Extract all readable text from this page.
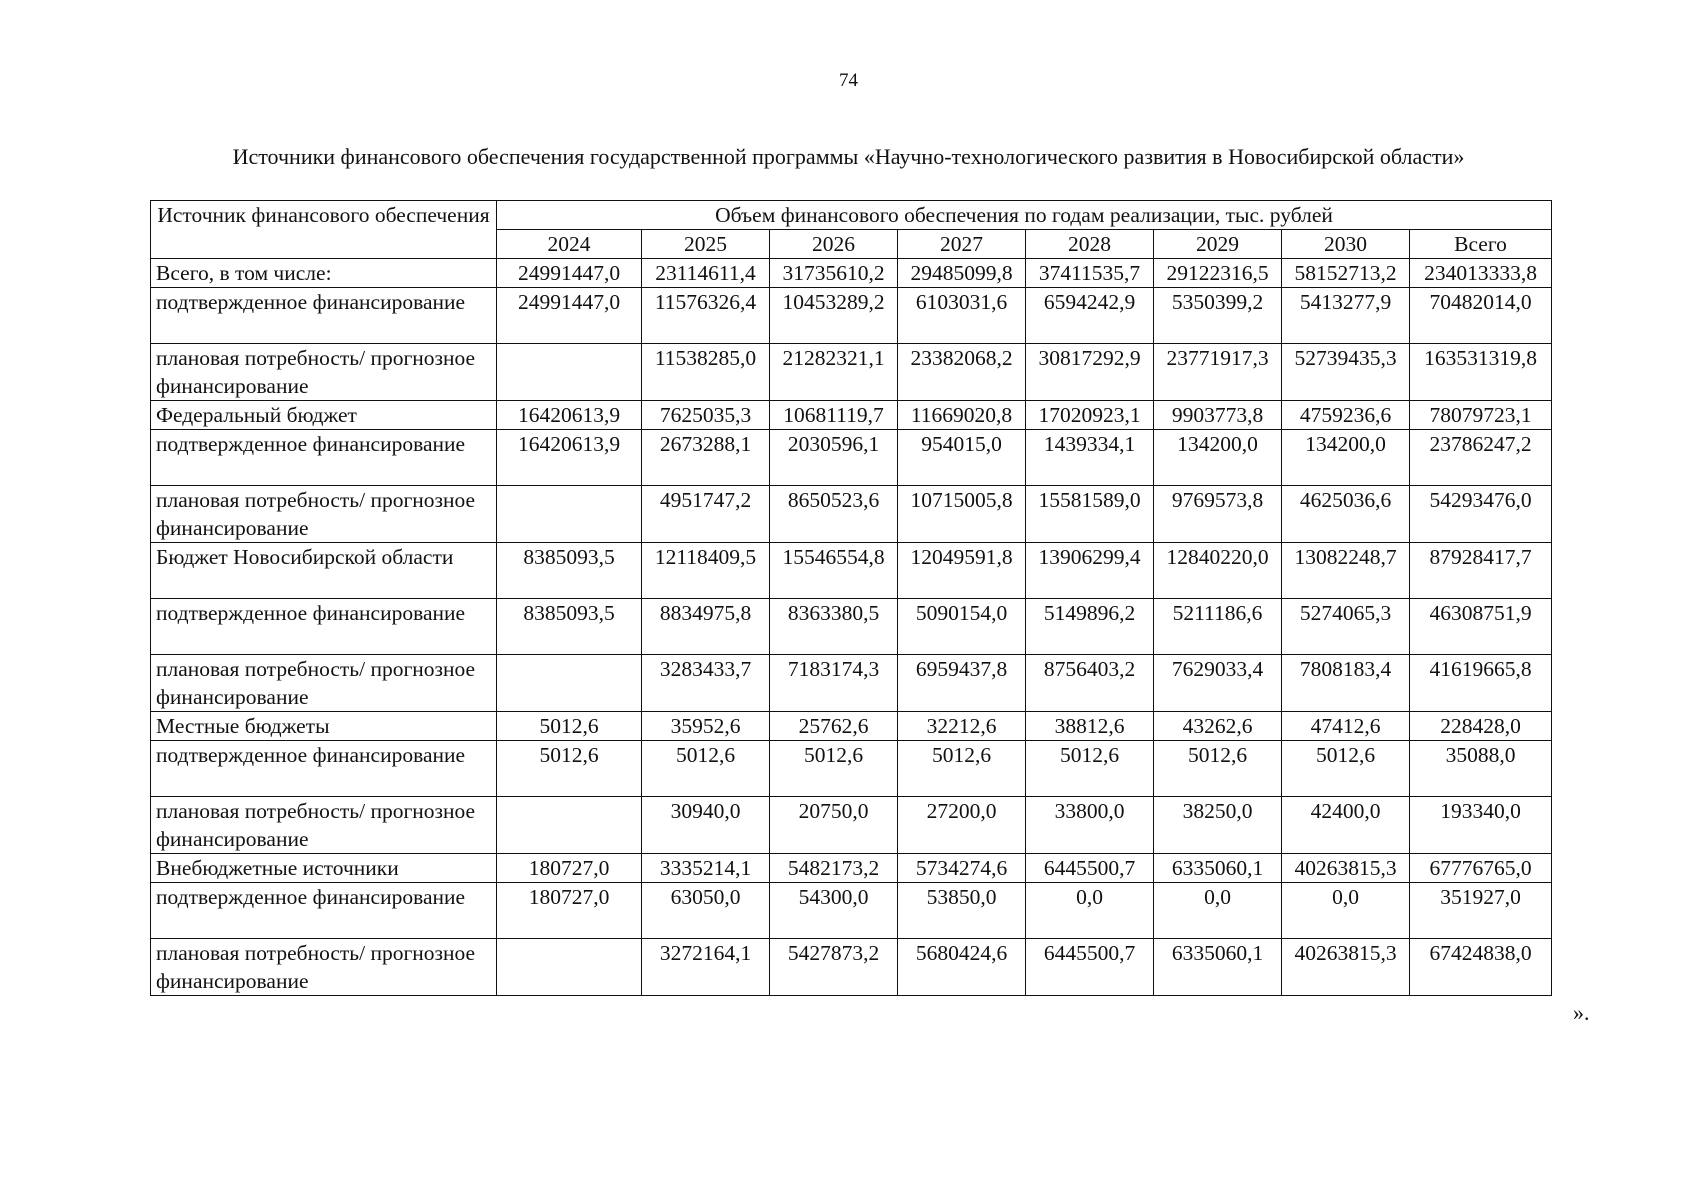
74
Источники финансового обеспечения государственной программы «Научно-технологического развития в Новосибирской области»
Источник финансового обеспечения	Объем финансового обеспечения по годам реализации, тыс. рублей							
	2024	2025	2026	2027	2028	2029	2030	Всего
Всего, в том числе:	24991447,0	23114611,4	31735610,2	29485099,8	37411535,7	29122316,5	58152713,2	234013333,8
подтвержденное финансирование	24991447,0	11576326,4	10453289,2	6103031,6	6594242,9	5350399,2	5413277,9	70482014,0
плановая потребность/ прогнозное финансирование		11538285,0	21282321,1	23382068,2	30817292,9	23771917,3	52739435,3	163531319,8
Федеральный бюджет	16420613,9	7625035,3	10681119,7	11669020,8	17020923,1	9903773,8	4759236,6	78079723,1
подтвержденное финансирование	16420613,9	2673288,1	2030596,1	954015,0	1439334,1	134200,0	134200,0	23786247,2
плановая потребность/ прогнозное финансирование		4951747,2	8650523,6	10715005,8	15581589,0	9769573,8	4625036,6	54293476,0
Бюджет Новосибирской области	8385093,5	12118409,5	15546554,8	12049591,8	13906299,4	12840220,0	13082248,7	87928417,7
подтвержденное финансирование	8385093,5	8834975,8	8363380,5	5090154,0	5149896,2	5211186,6	5274065,3	46308751,9
плановая потребность/ прогнозное финансирование		3283433,7	7183174,3	6959437,8	8756403,2	7629033,4	7808183,4	41619665,8
Местные бюджеты	5012,6	35952,6	25762,6	32212,6	38812,6	43262,6	47412,6	228428,0
подтвержденное финансирование	5012,6	5012,6	5012,6	5012,6	5012,6	5012,6	5012,6	35088,0
плановая потребность/ прогнозное финансирование		30940,0	20750,0	27200,0	33800,0	38250,0	42400,0	193340,0
Внебюджетные источники	180727,0	3335214,1	5482173,2	5734274,6	6445500,7	6335060,1	40263815,3	67776765,0
подтвержденное финансирование	180727,0	63050,0	54300,0	53850,0	0,0	0,0	0,0	351927,0
плановая потребность/ прогнозное финансирование		3272164,1	5427873,2	5680424,6	6445500,7	6335060,1	40263815,3	67424838,0
».
